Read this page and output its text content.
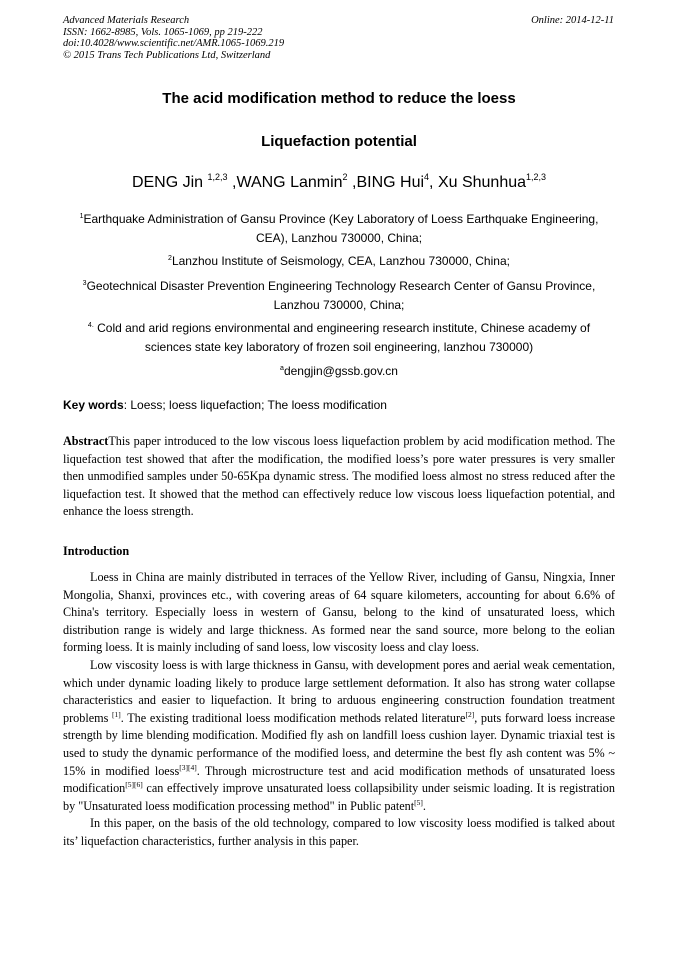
Advanced Materials Research
ISSN: 1662-8985, Vols. 1065-1069, pp 219-222
doi:10.4028/www.scientific.net/AMR.1065-1069.219
© 2015 Trans Tech Publications Ltd, Switzerland
Online: 2014-12-11
The acid modification method to reduce the loess
Liquefaction potential
DENG Jin $^{1,2,3}$ ,WANG Lanmin$^2$ ,BING Hui$^4$, Xu Shunhua$^{1,2,3}$
$^1$Earthquake Administration of Gansu Province (Key Laboratory of Loess Earthquake Engineering, CEA), Lanzhou 730000, China;
$^2$Lanzhou Institute of Seismology, CEA, Lanzhou 730000, China;
$^3$Geotechnical Disaster Prevention Engineering Technology Research Center of Gansu Province, Lanzhou 730000, China;
$^{4.}$ Cold and arid regions environmental and engineering research institute, Chinese academy of sciences state key laboratory of frozen soil engineering, lanzhou 730000)
$^a$dengjin@gssb.gov.cn
Key words: Loess; loess liquefaction; The loess modification
AbstractThis paper introduced to the low viscous loess liquefaction problem by acid modification method. The liquefaction test showed that after the modification, the modified loess’s pore water pressures is very smaller then unmodified samples under 50-65Kpa dynamic stress. The modified loess almost no stress reduced after the liquefaction test. It showed that the method can effectively reduce low viscous loess liquefaction potential, and enhance the loess strength.
Introduction

Loess in China are mainly distributed in terraces of the Yellow River, including of Gansu, Ningxia, Inner Mongolia, Shanxi, provinces etc., with covering areas of 64 square kilometers, accounting for about 6.6% of China's territory. Especially loess in western of Gansu, belong to the kind of unsaturated loess, which distribution range is widely and large thickness. As formed near the sand source, more belong to the eolian forming loess. It is mainly including of sand loess, low viscosity loess and clay loess.

Low viscosity loess is with large thickness in Gansu, with development pores and aerial weak cementation, which under dynamic loading likely to produce large settlement deformation. It also has strong water collapse characteristics and easier to liquefaction. It bring to arduous engineering construction foundation treatment problems [1]. The existing traditional loess modification methods related literature[2], puts forward loess increase strength by lime blending modification. Modified fly ash on landfill loess cushion layer. Dynamic triaxial test is used to study the dynamic performance of the modified loess, and determine the best fly ash content was 5% ~ 15% in modified loess[3][4]. Through microstructure test and acid modification methods of unsaturated loess modification[5][6] can effectively improve unsaturated loess collapsibility under seismic loading. It is registration by "Unsaturated loess modification processing method" in Public patent[5].

In this paper, on the basis of the old technology, compared to low viscosity loess modified is talked about its’ liquefaction characteristics, further analysis in this paper.
